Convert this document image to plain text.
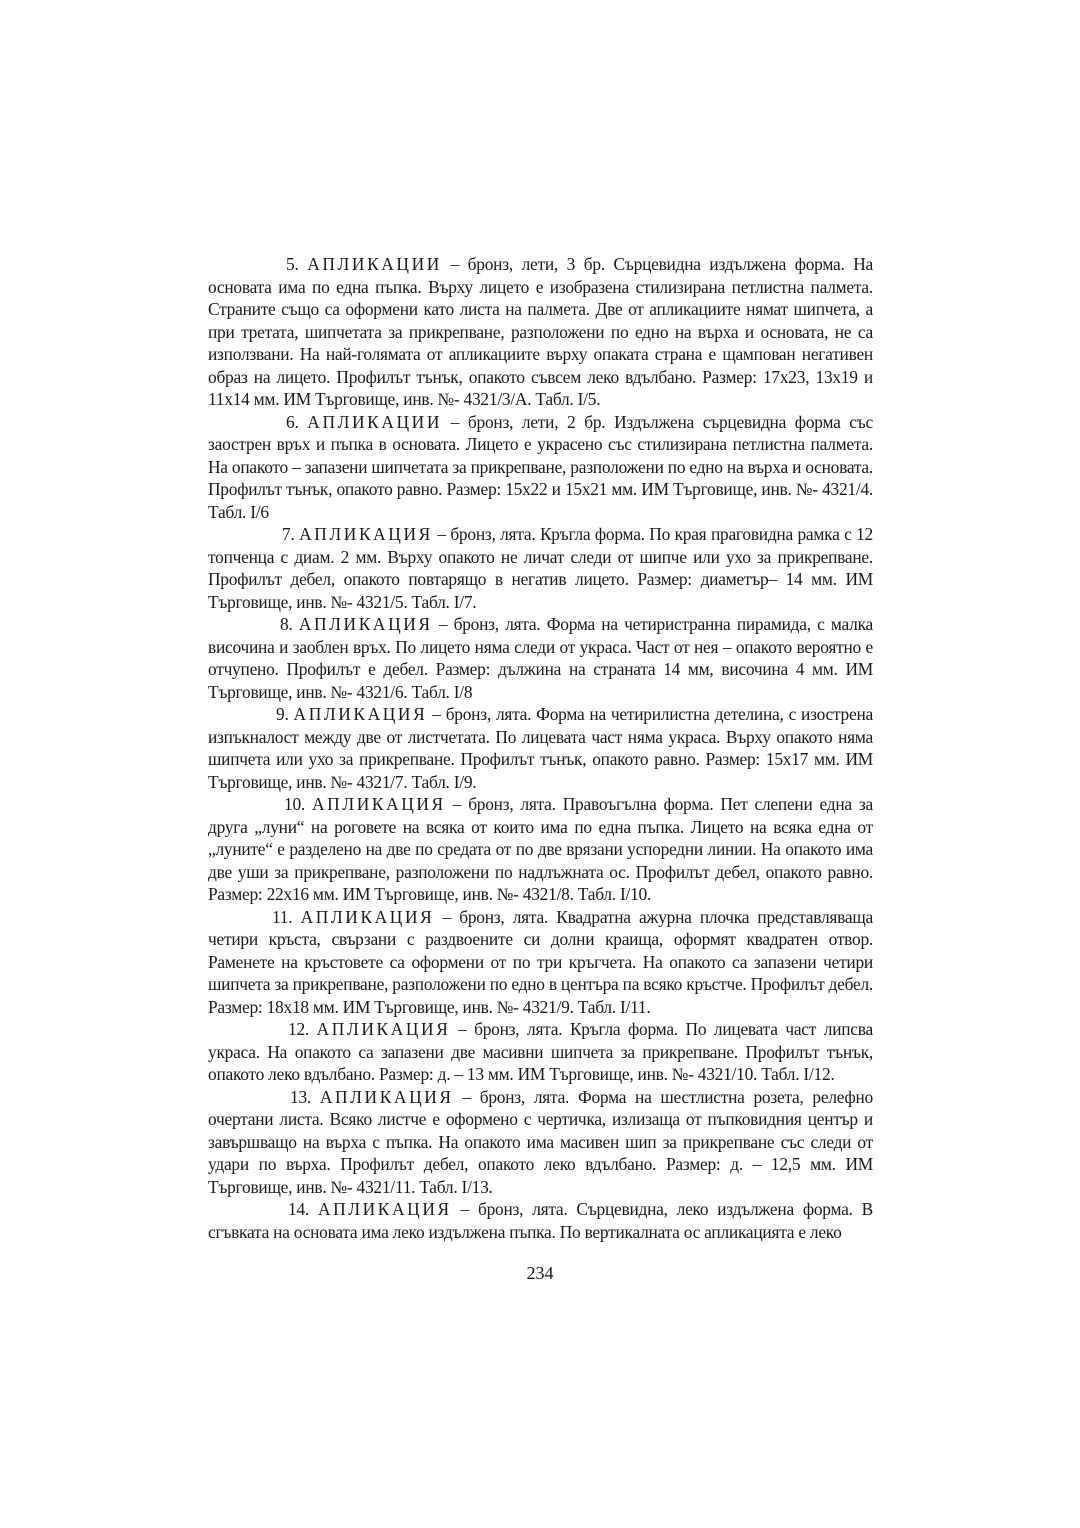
5. АПЛИКАЦИИ – бронз, лети, 3 бр. Сърцевидна издължена форма. На основата има по една пъпка. Върху лицето е изобразена стилизирана петлистна палмета. Страните също са оформени като листа на палмета. Две от апликациите нямат шипчета, а при третата, шипчетата за прикрепване, разположени по едно на върха и основата, не са използвани. На най-голямата от апликациите върху опаката страна е щампован негативен образ на лицето. Профилът тънък, опакото съвсем леко вдълбано. Размер: 17х23, 13х19 и 11х14 мм. ИМ Търговище, инв. №- 4321/3/А. Табл. I/5.

6. АПЛИКАЦИИ – бронз, лети, 2 бр. Издължена сърцевидна форма със заострен връх и пъпка в основата. Лицето е украсено със стилизирана петлистна палмета. На опакото – запазени шипчетата за прикрепване, разположени по едно на върха и основата. Профилът тънък, опакото равно. Размер: 15х22 и 15х21 мм. ИМ Търговище, инв. №- 4321/4. Табл. I/6

7. АПЛИКАЦИЯ – бронз, лята. Кръгла форма. По края праговидна рамка с 12 топченца с диам. 2 мм. Върху опакото не личат следи от шипче или ухо за прикрепване. Профилът дебел, опакото повтарящо в негатив лицето. Размер: диаметър– 14 мм. ИМ Търговище, инв. №- 4321/5. Табл. I/7.

8. АПЛИКАЦИЯ – бронз, лята. Форма на четиристранна пирамида, с малка височина и заоблен връх. По лицето няма следи от украса. Част от нея – опакото вероятно е отчупено. Профилът е дебел. Размер: дължина на страната 14 мм, височина 4 мм. ИМ Търговище, инв. №- 4321/6. Табл. I/8

9. АПЛИКАЦИЯ – бронз, лята. Форма на четирилистна детелина, с изострена изпъкналост между две от листчетата. По лицевата част няма украса. Върху опакото няма шипчета или ухо за прикрепване. Профилът тънък, опакото равно. Размер: 15х17 мм. ИМ Търговище, инв. №- 4321/7. Табл. I/9.

10. АПЛИКАЦИЯ – бронз, лята. Правоъгълна форма. Пет слепени една за друга „луни“ на роговете на всяка от които има по една пъпка. Лицето на всяка една от „луните“ е разделено на две по средата от по две врязани успоредни линии. На опакото има две уши за прикрепване, разположени по надлъжната ос. Профилът дебел, опакото равно. Размер: 22х16 мм. ИМ Търговище, инв. №- 4321/8. Табл. I/10.

11. АПЛИКАЦИЯ – бронз, лята. Квадратна ажурна плочка представляваща четири кръста, свързани с раздвоените си долни краища, оформят квадратен отвор. Раменете на кръстовете са оформени от по три кръгчета. На опакото са запазени четири шипчета за прикрепване, разположени по едно в центъра па всяко кръстче. Профилът дебел. Размер: 18х18 мм. ИМ Търговище, инв. №- 4321/9. Табл. I/11.

12. АПЛИКАЦИЯ – бронз, лята. Кръгла форма. По лицевата част липсва украса. На опакото са запазени две масивни шипчета за прикрепване. Профилът тънък, опакото леко вдълбано. Размер: д. – 13 мм. ИМ Търговище, инв. №- 4321/10. Табл. I/12.

13. АПЛИКАЦИЯ – бронз, лята. Форма на шестлистна розета, релефно очертани листа. Всяко листче е оформено с чертичка, излизаща от пъпковидния център и завършващо на върха с пъпка. На опакото има масивен шип за прикрепване със следи от удари по върха. Профилът дебел, опакото леко вдълбано. Размер: д. – 12,5 мм. ИМ Търговище, инв. №- 4321/11. Табл. I/13.

14. АПЛИКАЦИЯ – бронз, лята. Сърцевидна, леко издължена форма. В сгъвката на основата има леко издължена пъпка. По вертикалната ос апликацията е леко

234
